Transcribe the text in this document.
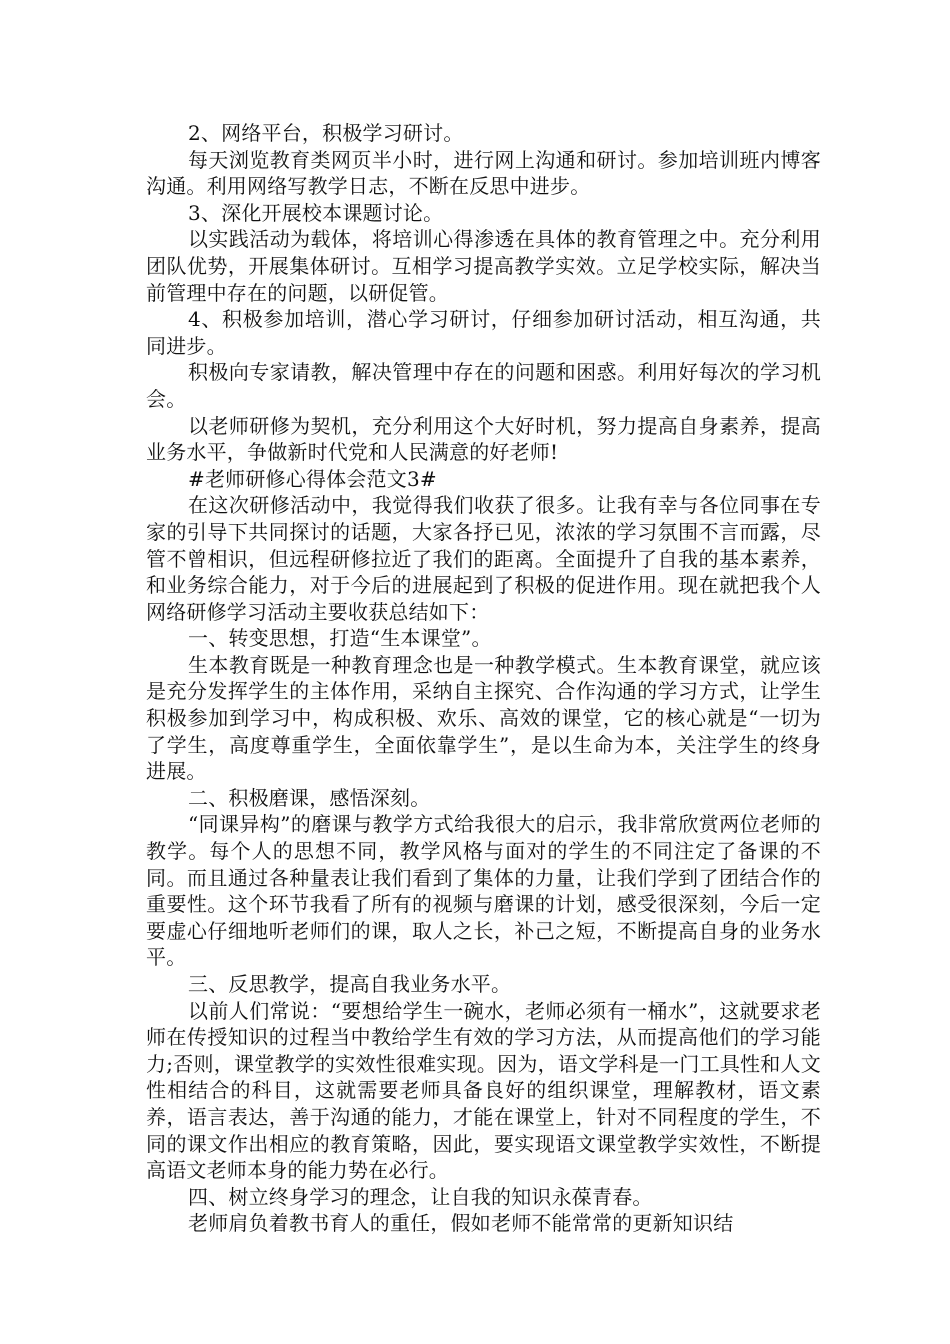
2、网络平台，积极学习研讨。

每天浏览教育类网页半小时，进行网上沟通和研讨。参加培训班内博客沟通。利用网络写教学日志，不断在反思中进步。

3、深化开展校本课题讨论。

以实践活动为载体，将培训心得渗透在具体的教育管理之中。充分利用团队优势，开展集体研讨。互相学习提高教学实效。立足学校实际，解决当前管理中存在的问题，以研促管。

4、积极参加培训，潜心学习研讨，仔细参加研讨活动，相互沟通，共同进步。

积极向专家请教，解决管理中存在的问题和困惑。利用好每次的学习机会。

以老师研修为契机，充分利用这个大好时机，努力提高自身素养，提高业务水平，争做新时代党和人民满意的好老师!

#老师研修心得体会范文3#

在这次研修活动中，我觉得我们收获了很多。让我有幸与各位同事在专家的引导下共同探讨的话题，大家各抒已见，浓浓的学习氛围不言而露，尽管不曾相识，但远程研修拉近了我们的距离。全面提升了自我的基本素养，和业务综合能力，对于今后的进展起到了积极的促进作用。现在就把我个人网络研修学习活动主要收获总结如下：

一、转变思想，打造“生本课堂”。

生本教育既是一种教育理念也是一种教学模式。生本教育课堂，就应该是充分发挥学生的主体作用，采纳自主探究、合作沟通的学习方式，让学生积极参加到学习中，构成积极、欢乐、高效的课堂，它的核心就是“一切为了学生，高度尊重学生，全面依靠学生”，是以生命为本，关注学生的终身进展。

二、积极磨课，感悟深刻。

“同课异构”的磨课与教学方式给我很大的启示，我非常欣赏两位老师的教学。每个人的思想不同，教学风格与面对的学生的不同注定了备课的不同。而且通过各种量表让我们看到了集体的力量，让我们学到了团结合作的重要性。这个环节我看了所有的视频与磨课的计划，感受很深刻，今后一定要虚心仔细地听老师们的课，取人之长，补己之短，不断提高自身的业务水平。

三、反思教学，提高自我业务水平。

以前人们常说：“要想给学生一碗水，老师必须有一桶水”，这就要求老师在传授知识的过程当中教给学生有效的学习方法，从而提高他们的学习能力;否则，课堂教学的实效性很难实现。因为，语文学科是一门工具性和人文性相结合的科目，这就需要老师具备良好的组织课堂，理解教材，语文素养，语言表达，善于沟通的能力，才能在课堂上，针对不同程度的学生，不同的课文作出相应的教育策略，因此，要实现语文课堂教学实效性，不断提高语文老师本身的能力势在必行。

四、树立终身学习的理念，让自我的知识永葆青春。

老师肩负着教书育人的重任，假如老师不能常常的更新知识结
